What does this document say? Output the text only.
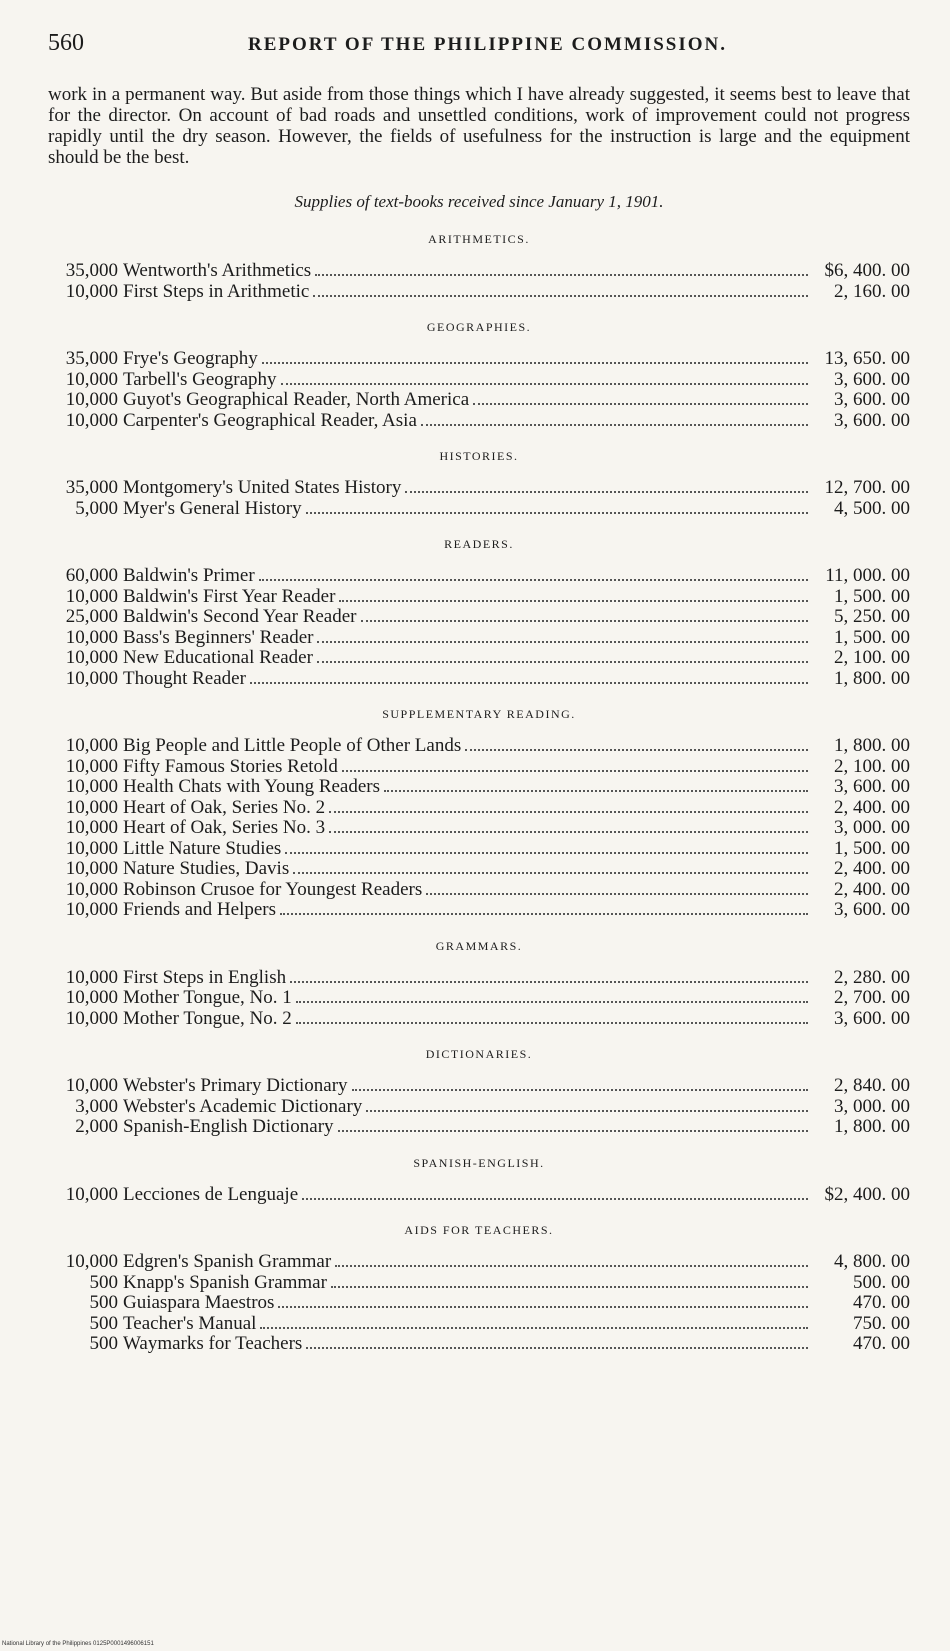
560	REPORT OF THE PHILIPPINE COMMISSION.

work in a permanent way. But aside from those things which I have already suggested, it seems best to leave that for the director. On account of bad roads and unsettled conditions, work of improvement could not progress rapidly until the dry season. However, the fields of usefulness for the instruction is large and the equipment should be the best.

Supplies of text-books received since January 1, 1901.
ARITHMETICS.
35,000 Wentworth's Arithmetics	$6, 400. 00
10,000 First Steps in Arithmetic	2, 160. 00
GEOGRAPHIES.
35,000 Frye's Geography	13, 650. 00
10,000 Tarbell's Geography	3, 600. 00
10,000 Guyot's Geographical Reader, North America	3, 600. 00
10,000 Carpenter's Geographical Reader, Asia	3, 600. 00
HISTORIES.
35,000 Montgomery's United States History	12, 700. 00
5,000 Myer's General History	4, 500. 00
READERS.
60,000 Baldwin's Primer	11, 000. 00
10,000 Baldwin's First Year Reader	1, 500. 00
25,000 Baldwin's Second Year Reader	5, 250. 00
10,000 Bass's Beginners' Reader	1, 500. 00
10,000 New Educational Reader	2, 100. 00
10,000 Thought Reader	1, 800. 00
SUPPLEMENTARY READING.
10,000 Big People and Little People of Other Lands	1, 800. 00
10,000 Fifty Famous Stories Retold	2, 100. 00
10,000 Health Chats with Young Readers	3, 600. 00
10,000 Heart of Oak, Series No. 2	2, 400. 00
10,000 Heart of Oak, Series No. 3	3, 000. 00
10,000 Little Nature Studies	1, 500. 00
10,000 Nature Studies, Davis	2, 400. 00
10,000 Robinson Crusoe for Youngest Readers	2, 400. 00
10,000 Friends and Helpers	3, 600. 00
GRAMMARS.
10,000 First Steps in English	2, 280. 00
10,000 Mother Tongue, No. 1	2, 700. 00
10,000 Mother Tongue, No. 2	3, 600. 00
DICTIONARIES.
10,000 Webster's Primary Dictionary	2, 840. 00
3,000 Webster's Academic Dictionary	3, 000. 00
2,000 Spanish-English Dictionary	1, 800. 00
SPANISH-ENGLISH.
10,000 Lecciones de Lenguaje	$2, 400. 00
AIDS FOR TEACHERS.
10,000 Edgren's Spanish Grammar	4, 800. 00
500 Knapp's Spanish Grammar	500. 00
500 Guiaspara Maestros	470. 00
500 Teacher's Manual	750. 00
500 Waymarks for Teachers	470. 00
National Library of the Philippines 0125P0001496006151
